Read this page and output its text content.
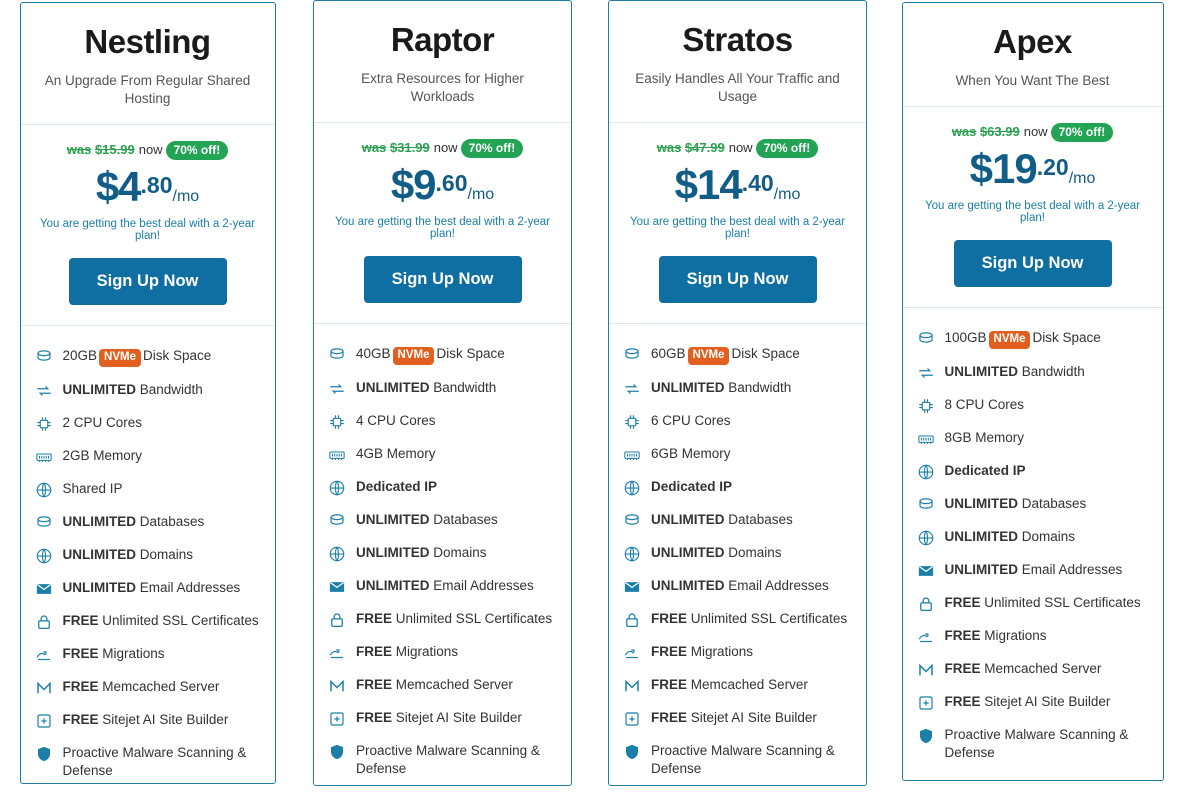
Nestling
An Upgrade From Regular Shared Hosting
was $15.99 now 70% off!
$4.80/mo
You are getting the best deal with a 2-year plan!
Sign Up Now
20GB NVMe Disk Space
UNLIMITED Bandwidth
2 CPU Cores
2GB Memory
Shared IP
UNLIMITED Databases
UNLIMITED Domains
UNLIMITED Email Addresses
FREE Unlimited SSL Certificates
FREE Migrations
FREE Memcached Server
FREE Sitejet AI Site Builder
Proactive Malware Scanning & Defense
Raptor
Extra Resources for Higher Workloads
was $31.99 now 70% off!
$9.60/mo
You are getting the best deal with a 2-year plan!
Sign Up Now
40GB NVMe Disk Space
UNLIMITED Bandwidth
4 CPU Cores
4GB Memory
Dedicated IP
UNLIMITED Databases
UNLIMITED Domains
UNLIMITED Email Addresses
FREE Unlimited SSL Certificates
FREE Migrations
FREE Memcached Server
FREE Sitejet AI Site Builder
Proactive Malware Scanning & Defense
Stratos
Easily Handles All Your Traffic and Usage
was $47.99 now 70% off!
$14.40/mo
You are getting the best deal with a 2-year plan!
Sign Up Now
60GB NVMe Disk Space
UNLIMITED Bandwidth
6 CPU Cores
6GB Memory
Dedicated IP
UNLIMITED Databases
UNLIMITED Domains
UNLIMITED Email Addresses
FREE Unlimited SSL Certificates
FREE Migrations
FREE Memcached Server
FREE Sitejet AI Site Builder
Proactive Malware Scanning & Defense
Apex
When You Want The Best
was $63.99 now 70% off!
$19.20/mo
You are getting the best deal with a 2-year plan!
Sign Up Now
100GB NVMe Disk Space
UNLIMITED Bandwidth
8 CPU Cores
8GB Memory
Dedicated IP
UNLIMITED Databases
UNLIMITED Domains
UNLIMITED Email Addresses
FREE Unlimited SSL Certificates
FREE Migrations
FREE Memcached Server
FREE Sitejet AI Site Builder
Proactive Malware Scanning & Defense
